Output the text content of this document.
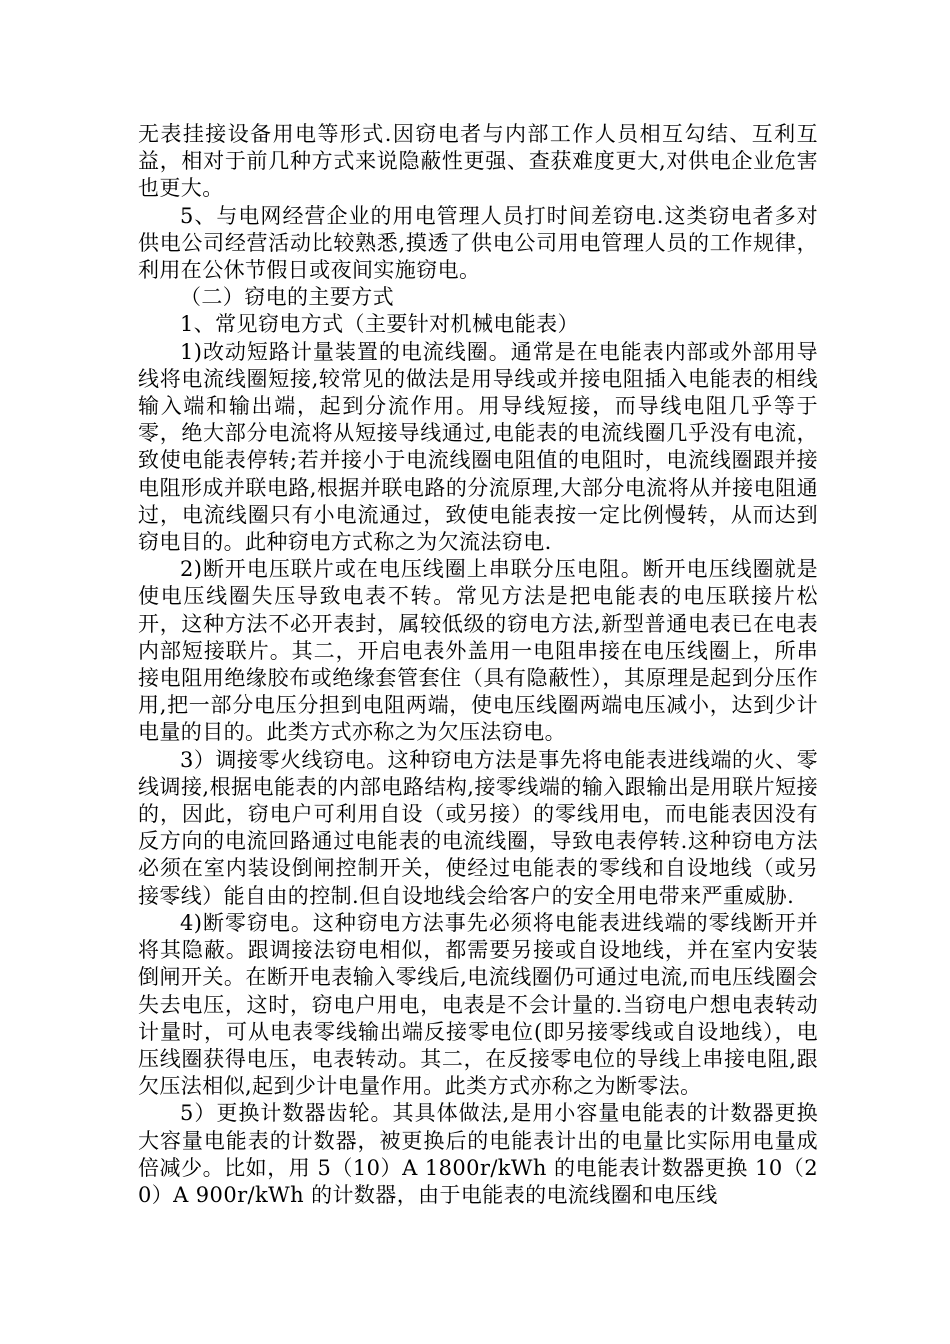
无表挂接设备用电等形式.因窃电者与内部工作人员相互勾结、互利互益，相对于前几种方式来说隐蔽性更强、查获难度更大,对供电企业危害也更大。

5、与电网经营企业的用电管理人员打时间差窃电.这类窃电者多对供电公司经营活动比较熟悉,摸透了供电公司用电管理人员的工作规律，利用在公休节假日或夜间实施窃电。

（二）窃电的主要方式

1、常见窃电方式（主要针对机械电能表）

1)改动短路计量装置的电流线圈。通常是在电能表内部或外部用导线将电流线圈短接,较常见的做法是用导线或并接电阻插入电能表的相线输入端和输出端，起到分流作用。用导线短接，而导线电阻几乎等于零，绝大部分电流将从短接导线通过,电能表的电流线圈几乎没有电流，致使电能表停转;若并接小于电流线圈电阻值的电阻时，电流线圈跟并接电阻形成并联电路,根据并联电路的分流原理,大部分电流将从并接电阻通过，电流线圈只有小电流通过，致使电能表按一定比例慢转，从而达到窃电目的。此种窃电方式称之为欠流法窃电.

2)断开电压联片或在电压线圈上串联分压电阻。断开电压线圈就是使电压线圈失压导致电表不转。常见方法是把电能表的电压联接片松开，这种方法不必开表封，属较低级的窃电方法,新型普通电表已在电表内部短接联片。其二，开启电表外盖用一电阻串接在电压线圈上，所串接电阻用绝缘胶布或绝缘套管套住（具有隐蔽性），其原理是起到分压作用,把一部分电压分担到电阻两端，使电压线圈两端电压减小，达到少计电量的目的。此类方式亦称之为欠压法窃电。

3）调接零火线窃电。这种窃电方法是事先将电能表进线端的火、零线调接,根据电能表的内部电路结构,接零线端的输入跟输出是用联片短接的，因此，窃电户可利用自设（或另接）的零线用电，而电能表因没有反方向的电流回路通过电能表的电流线圈，导致电表停转.这种窃电方法必须在室内装设倒闸控制开关，使经过电能表的零线和自设地线（或另接零线）能自由的控制.但自设地线会给客户的安全用电带来严重威胁.

4)断零窃电。这种窃电方法事先必须将电能表进线端的零线断开并将其隐蔽。跟调接法窃电相似，都需要另接或自设地线，并在室内安装倒闸开关。在断开电表输入零线后,电流线圈仍可通过电流,而电压线圈会失去电压，这时，窃电户用电，电表是不会计量的.当窃电户想电表转动计量时，可从电表零线输出端反接零电位(即另接零线或自设地线），电压线圈获得电压，电表转动。其二，在反接零电位的导线上串接电阻,跟欠压法相似,起到少计电量作用。此类方式亦称之为断零法。

5）更换计数器齿轮。其具体做法,是用小容量电能表的计数器更换大容量电能表的计数器，被更换后的电能表计出的电量比实际用电量成倍减少。比如，用 5（10）A 1800r/kWh 的电能表计数器更换 10（20）A 900r/kWh 的计数器，由于电能表的电流线圈和电压线
